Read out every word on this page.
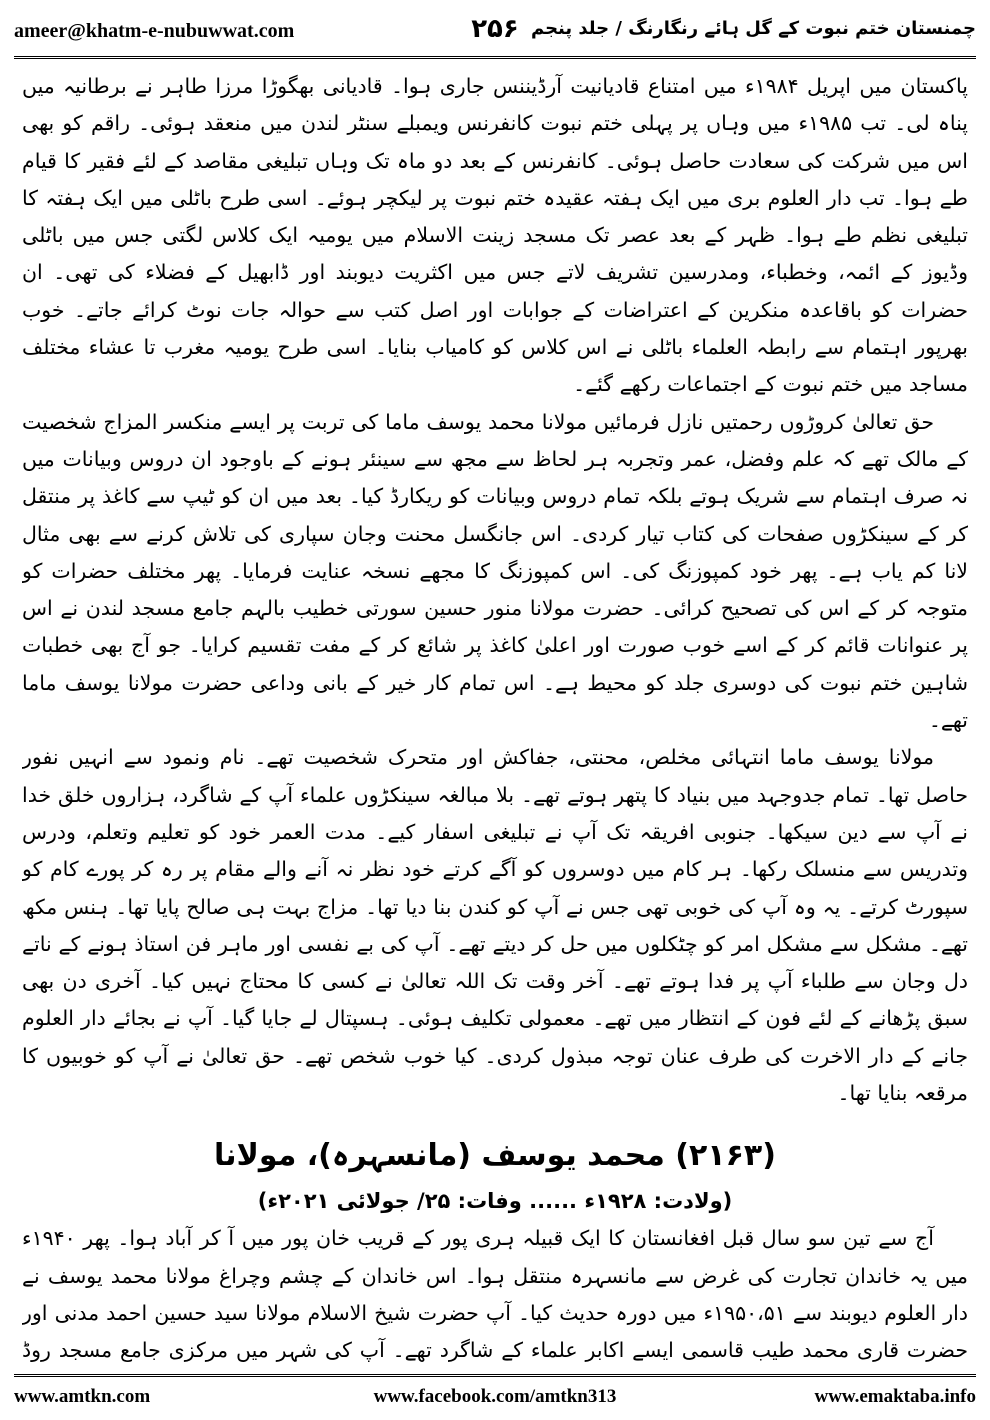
ameer@khatm-e-nubuwwat.com	۲۵۶ چمنستان ختم نبوت کے گل ہائے رنگارنگ / جلد پنجم

پاکستان میں اپریل ۱۹۸۴ء میں امتناع قادیانیت آرڈیننس جاری ہوا۔ قادیانی بھگوڑا مرزا طاہر نے برطانیہ میں پناہ لی۔ تب ۱۹۸۵ء میں وہاں پر پہلی ختم نبوت کانفرنس ویمبلے سنٹر لندن میں منعقد ہوئی۔ راقم کو بھی اس میں شرکت کی سعادت حاصل ہوئی۔ کانفرنس کے بعد دو ماہ تک وہاں تبلیغی مقاصد کے لئے فقیر کا قیام طے ہوا۔ تب دار العلوم بری میں ایک ہفتہ عقیدہ ختم نبوت پر لیکچر ہوئے۔ اسی طرح باٹلی میں ایک ہفتہ کا تبلیغی نظم طے ہوا۔ ظہر کے بعد عصر تک مسجد زینت الاسلام میں یومیہ ایک کلاس لگتی جس میں باٹلی وڈیوز کے ائمہ، وخطباء، ومدرسین تشریف لاتے جس میں اکثریت دیوبند اور ڈابھیل کے فضلاء کی تھی۔ ان حضرات کو باقاعدہ منکرین کے اعتراضات کے جوابات اور اصل کتب سے حوالہ جات نوٹ کرائے جاتے۔ خوب بھرپور اہتمام سے رابطہ العلماء باٹلی نے اس کلاس کو کامیاب بنایا۔ اسی طرح یومیہ مغرب تا عشاء مختلف مساجد میں ختم نبوت کے اجتماعات رکھے گئے۔

حق تعالیٰ کروڑوں رحمتیں نازل فرمائیں مولانا محمد یوسف ماما کی تربت پر ایسے منکسر المزاج شخصیت کے مالک تھے کہ علم وفضل، عمر وتجربہ ہر لحاظ سے مجھ سے سینئر ہونے کے باوجود ان دروس وبیانات میں نہ صرف اہتمام سے شریک ہوتے بلکہ تمام دروس وبیانات کو ریکارڈ کیا۔ بعد میں ان کو ٹیپ سے کاغذ پر منتقل کر کے سینکڑوں صفحات کی کتاب تیار کردی۔ اس جانگسل محنت وجان سپاری کی تلاش کرنے سے بھی مثال لانا کم یاب ہے۔ پھر خود کمپوزنگ کی۔ اس کمپوزنگ کا مجھے نسخہ عنایت فرمایا۔ پھر مختلف حضرات کو متوجہ کر کے اس کی تصحیح کرائی۔ حضرت مولانا منور حسین سورتی خطیب بالہم جامع مسجد لندن نے اس پر عنوانات قائم کر کے اسے خوب صورت اور اعلیٰ کاغذ پر شائع کر کے مفت تقسیم کرایا۔ جو آج بھی خطبات شاہین ختم نبوت کی دوسری جلد کو محیط ہے۔ اس تمام کار خیر کے بانی وداعی حضرت مولانا یوسف ماما تھے۔

مولانا یوسف ماما انتہائی مخلص، محنتی، جفاکش اور متحرک شخصیت تھے۔ نام ونمود سے انہیں نفور حاصل تھا۔ تمام جدوجہد میں بنیاد کا پتھر ہوتے تھے۔ بلا مبالغہ سینکڑوں علماء آپ کے شاگرد، ہزاروں خلق خدا نے آپ سے دین سیکھا۔ جنوبی افریقہ تک آپ نے تبلیغی اسفار کیے۔ مدت العمر خود کو تعلیم وتعلم، ودرس وتدریس سے منسلک رکھا۔ ہر کام میں دوسروں کو آگے کرتے خود نظر نہ آنے والے مقام پر رہ کر پورے کام کو سپورٹ کرتے۔ یہ وہ آپ کی خوبی تھی جس نے آپ کو کندن بنا دیا تھا۔ مزاج بہت ہی صالح پایا تھا۔ ہنس مکھ تھے۔ مشکل سے مشکل امر کو چٹکلوں میں حل کر دیتے تھے۔ آپ کی بے نفسی اور ماہر فن استاذ ہونے کے ناتے دل وجان سے طلباء آپ پر فدا ہوتے تھے۔ آخر وقت تک اللہ تعالیٰ نے کسی کا محتاج نہیں کیا۔ آخری دن بھی سبق پڑھانے کے لئے فون کے انتظار میں تھے۔ معمولی تکلیف ہوئی۔ ہسپتال لے جایا گیا۔ آپ نے بجائے دار العلوم جانے کے دار الاخرت کی طرف عنان توجہ مبذول کردی۔ کیا خوب شخص تھے۔ حق تعالیٰ نے آپ کو خوبیوں کا مرقعہ بنایا تھا۔

(۲۱۶۳) محمد یوسف (مانسہرہ)، مولانا

(ولادت: ۱۹۲۸ء ...... وفات: ۲۵/ جولائی ۲۰۲۱ء)

آج سے تین سو سال قبل افغانستان کا ایک قبیلہ ہری پور کے قریب خان پور میں آ کر آباد ہوا۔ پھر ۱۹۴۰ء میں یہ خاندان تجارت کی غرض سے مانسہرہ منتقل ہوا۔ اس خاندان کے چشم وچراغ مولانا محمد یوسف نے دار العلوم دیوبند سے ۱۹۵۰،۵۱ء میں دورہ حدیث کیا۔ آپ حضرت شیخ الاسلام مولانا سید حسین احمد مدنی اور حضرت قاری محمد طیب قاسمی ایسے اکابر علماء کے شاگرد تھے۔ آپ کی شہر میں مرکزی جامع مسجد روڈ

www.amtkn.com	www.facebook.com/amtkn313	www.emaktaba.info
